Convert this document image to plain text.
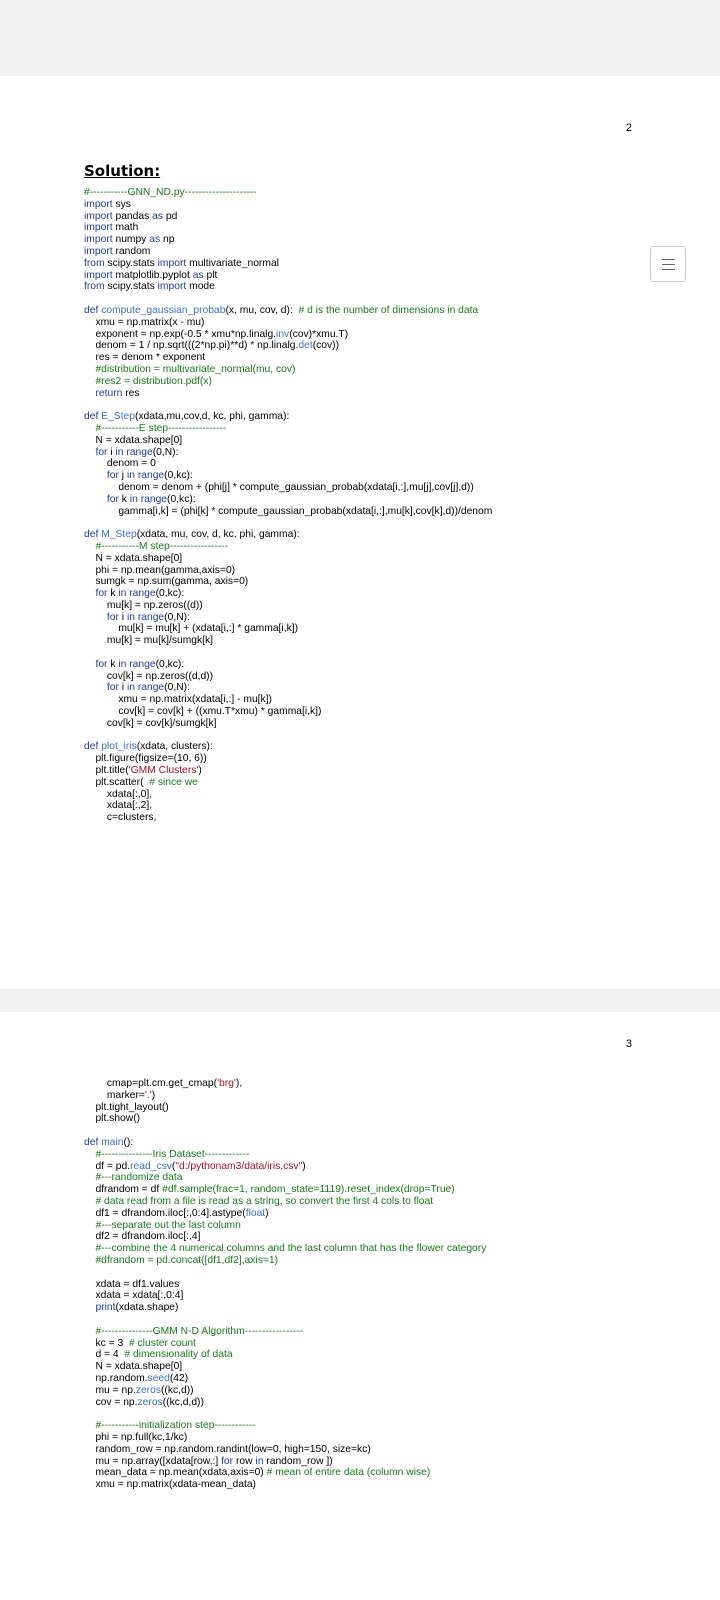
2
Solution:
#-----------GNN_ND.py---------------------
import sys
import pandas as pd
import math
import numpy as np
import random
from scipy.stats import multivariate_normal
import matplotlib.pyplot as plt
from scipy.stats import mode
def compute_gaussian_probab(x, mu, cov, d):  # d is the number of dimensions in data
xmu = np.matrix(x - mu)
exponent = np.exp(-0.5 * xmu*np.linalg.inv(cov)*xmu.T)
denom = 1 / np.sqrt(((2*np.pi)**d) * np.linalg.det(cov))
res = denom * exponent
#distribution = multivariate_normal(mu, cov)
#res2 = distribution.pdf(x)
return res
def E_Step(xdata,mu,cov,d, kc, phi, gamma):
#-----------E step-----------------
N = xdata.shape[0]
for i in range(0,N):
denom = 0
for j in range(0,kc):
denom = denom + (phi[j] * compute_gaussian_probab(xdata[i,:],mu[j],cov[j],d))
for k in range(0,kc):
gamma[i,k] = (phi[k] * compute_gaussian_probab(xdata[i,:],mu[k],cov[k],d))/denom
def M_Step(xdata, mu, cov, d, kc, phi, gamma):
#-----------M step-----------------
N = xdata.shape[0]
phi = np.mean(gamma,axis=0)
sumgk = np.sum(gamma, axis=0)
for k in range(0,kc):
mu[k] = np.zeros((d))
for i in range(0,N):
mu[k] = mu[k] + (xdata[i,:] * gamma[i,k])
mu[k] = mu[k]/sumgk[k]
for k in range(0,kc):
cov[k] = np.zeros((d,d))
for i in range(0,N):
xmu = np.matrix(xdata[i,:] - mu[k])
cov[k] = cov[k] + ((xmu.T*xmu) * gamma[i,k])
cov[k] = cov[k]/sumgk[k]
def plot_iris(xdata, clusters):
plt.figure(figsize=(10, 6))
plt.title('GMM Clusters')
plt.scatter(  # since we
xdata[:,0],
xdata[:,2],
c=clusters,
3
cmap=plt.cm.get_cmap('brg'),
marker='.')
plt.tight_layout()
plt.show()
def main():
#---------------Iris Dataset-------------
df = pd.read_csv("d:/pythonam3/data/iris.csv")
#---randomize data
dfrandom = df #df.sample(frac=1, random_state=1119).reset_index(drop=True)
# data read from a file is read as a string, so convert the first 4 cols to float
df1 = dfrandom.iloc[:,0:4].astype(float)
#---separate out the last column
df2 = dfrandom.iloc[:,4]
#---combine the 4 numerical columns and the last column that has the flower category
#dfrandom = pd.concat([df1,df2],axis=1)
xdata = df1.values
xdata = xdata[:,0:4]
print(xdata.shape)
#---------------GMM N-D Algorithm-----------------
kc = 3  # cluster count
d = 4  # dimensionality of data
N = xdata.shape[0]
np.random.seed(42)
mu = np.zeros((kc,d))
cov = np.zeros((kc,d,d))
#-----------initialization step------------
phi = np.full(kc,1/kc)
random_row = np.random.randint(low=0, high=150, size=kc)
mu = np.array([xdata[row,:] for row in random_row ])
mean_data = np.mean(xdata,axis=0) # mean of entire data (column wise)
xmu = np.matrix(xdata-mean_data)
